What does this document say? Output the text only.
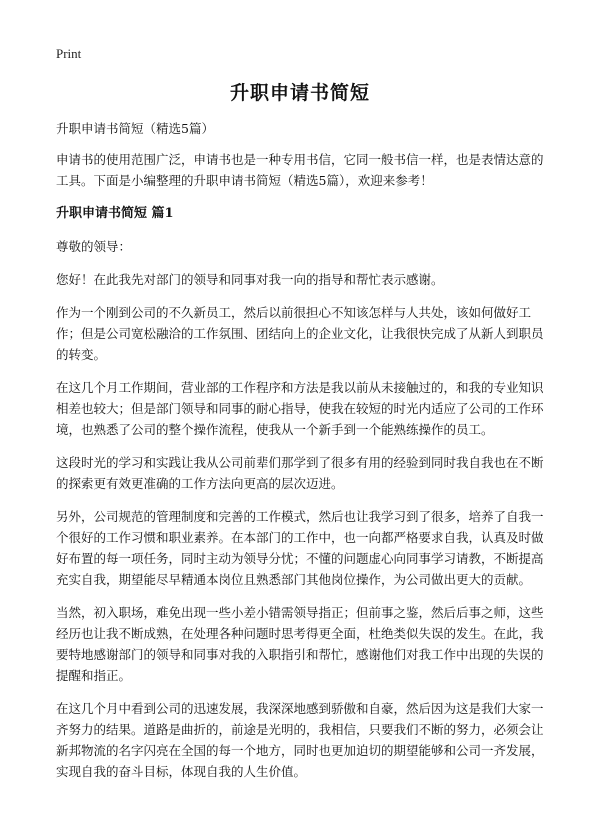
Print
升职申请书简短

升职申请书简短（精选5篇）

申请书的使用范围广泛，申请书也是一种专用书信，它同一般书信一样，也是表情达意的工具。下面是小编整理的升职申请书简短（精选5篇），欢迎来参考！

升职申请书简短 篇1

尊敬的领导：

您好！在此我先对部门的领导和同事对我一向的指导和帮忙表示感谢。

作为一个刚到公司的不久新员工，然后以前很担心不知该怎样与人共处，该如何做好工作；但是公司宽松融洽的工作氛围、团结向上的企业文化，让我很快完成了从新人到职员的转变。

在这几个月工作期间，营业部的工作程序和方法是我以前从未接触过的，和我的专业知识相差也较大；但是部门领导和同事的耐心指导，使我在较短的时光内适应了公司的工作环境，也熟悉了公司的整个操作流程，使我从一个新手到一个能熟练操作的员工。

这段时光的学习和实践让我从公司前辈们那学到了很多有用的经验到同时我自我也在不断的探索更有效更准确的工作方法向更高的层次迈进。

另外，公司规范的管理制度和完善的工作模式，然后也让我学习到了很多，培养了自我一个很好的工作习惯和职业素养。在本部门的工作中，也一向都严格要求自我，认真及时做好布置的每一项任务，同时主动为领导分忧；不懂的问题虚心向同事学习请教，不断提高充实自我，期望能尽早精通本岗位且熟悉部门其他岗位操作，为公司做出更大的贡献。

当然，初入职场，难免出现一些小差小错需领导指正；但前事之鉴，然后后事之师，这些经历也让我不断成熟，在处理各种问题时思考得更全面，杜绝类似失误的发生。在此，我要特地感谢部门的领导和同事对我的入职指引和帮忙，感谢他们对我工作中出现的失误的提醒和指正。

在这几个月中看到公司的迅速发展，我深深地感到骄傲和自豪，然后因为这是我们大家一齐努力的结果。道路是曲折的，前途是光明的，我相信，只要我们不断的努力，必须会让新邦物流的名字闪亮在全国的每一个地方，同时也更加迫切的期望能够和公司一齐发展，实现自我的奋斗目标，体现自我的人生价值。
